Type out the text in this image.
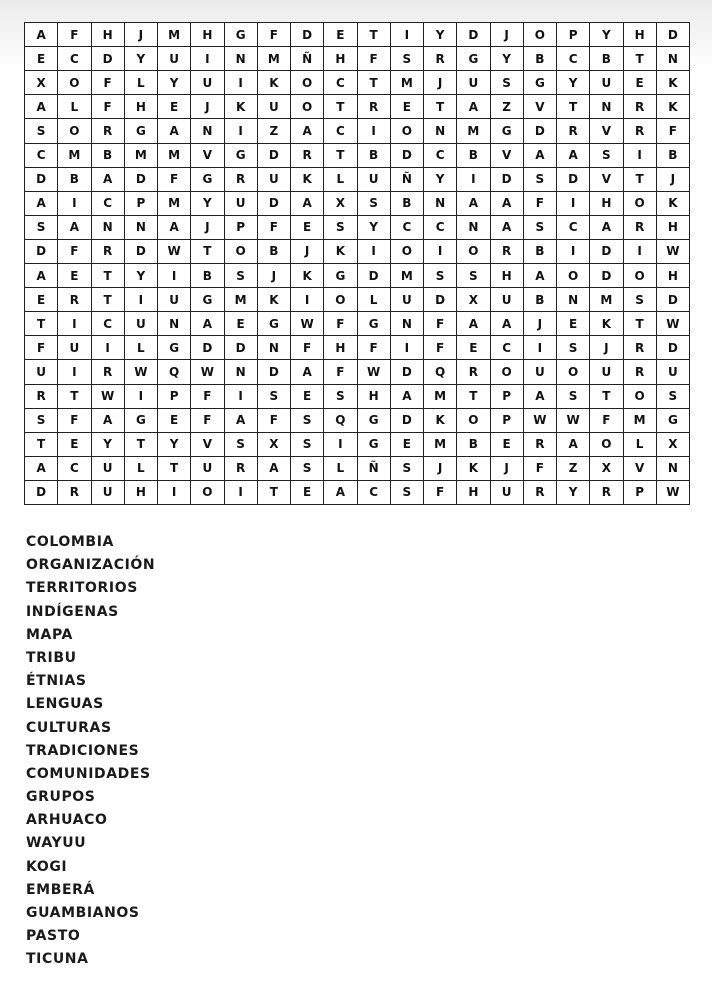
A	F	H	J	M	H	G	F	D	E	T	I	Y	D	J	O	P	Y	H	D
E	C	D	Y	U	I	N	M	Ñ	H	F	S	R	G	Y	B	C	B	T	N
X	O	F	L	Y	U	I	K	O	C	T	M	J	U	S	G	Y	U	E	K
A	L	F	H	E	J	K	U	O	T	R	E	T	A	Z	V	T	N	R	K
S	O	R	G	A	N	I	Z	A	C	I	O	N	M	G	D	R	V	R	F
C	M	B	M	M	V	G	D	R	T	B	D	C	B	V	A	A	S	I	B
D	B	A	D	F	G	R	U	K	L	U	Ñ	Y	I	D	S	D	V	T	J
A	I	C	P	M	Y	U	D	A	X	S	B	N	A	A	F	I	H	O	K
S	A	N	N	A	J	P	F	E	S	Y	C	C	N	A	S	C	A	R	H
D	F	R	D	W	T	O	B	J	K	I	O	I	O	R	B	I	D	I	W
A	E	T	Y	I	B	S	J	K	G	D	M	S	S	H	A	O	D	O	H
E	R	T	I	U	G	M	K	I	O	L	U	D	X	U	B	N	M	S	D
T	I	C	U	N	A	E	G	W	F	G	N	F	A	A	J	E	K	T	W
F	U	I	L	G	D	D	N	F	H	F	I	F	E	C	I	S	J	R	D
U	I	R	W	Q	W	N	D	A	F	W	D	Q	R	O	U	O	U	R	U
R	T	W	I	P	F	I	S	E	S	H	A	M	T	P	A	S	T	O	S
S	F	A	G	E	F	A	F	S	Q	G	D	K	O	P	W	W	F	M	G
T	E	Y	T	Y	V	S	X	S	I	G	E	M	B	E	R	A	O	L	X
A	C	U	L	T	U	R	A	S	L	Ñ	S	J	K	J	F	Z	X	V	N
D	R	U	H	I	O	I	T	E	A	C	S	F	H	U	R	Y	R	P	W
COLOMBIA
ORGANIZACIÓN
TERRITORIOS
INDÍGENAS
MAPA
TRIBU
ÉTNIAS
LENGUAS
CULTURAS
TRADICIONES
COMUNIDADES
GRUPOS
ARHUACO
WAYUU
KOGI
EMBERÁ
GUAMBIANOS
PASTO
TICUNA
